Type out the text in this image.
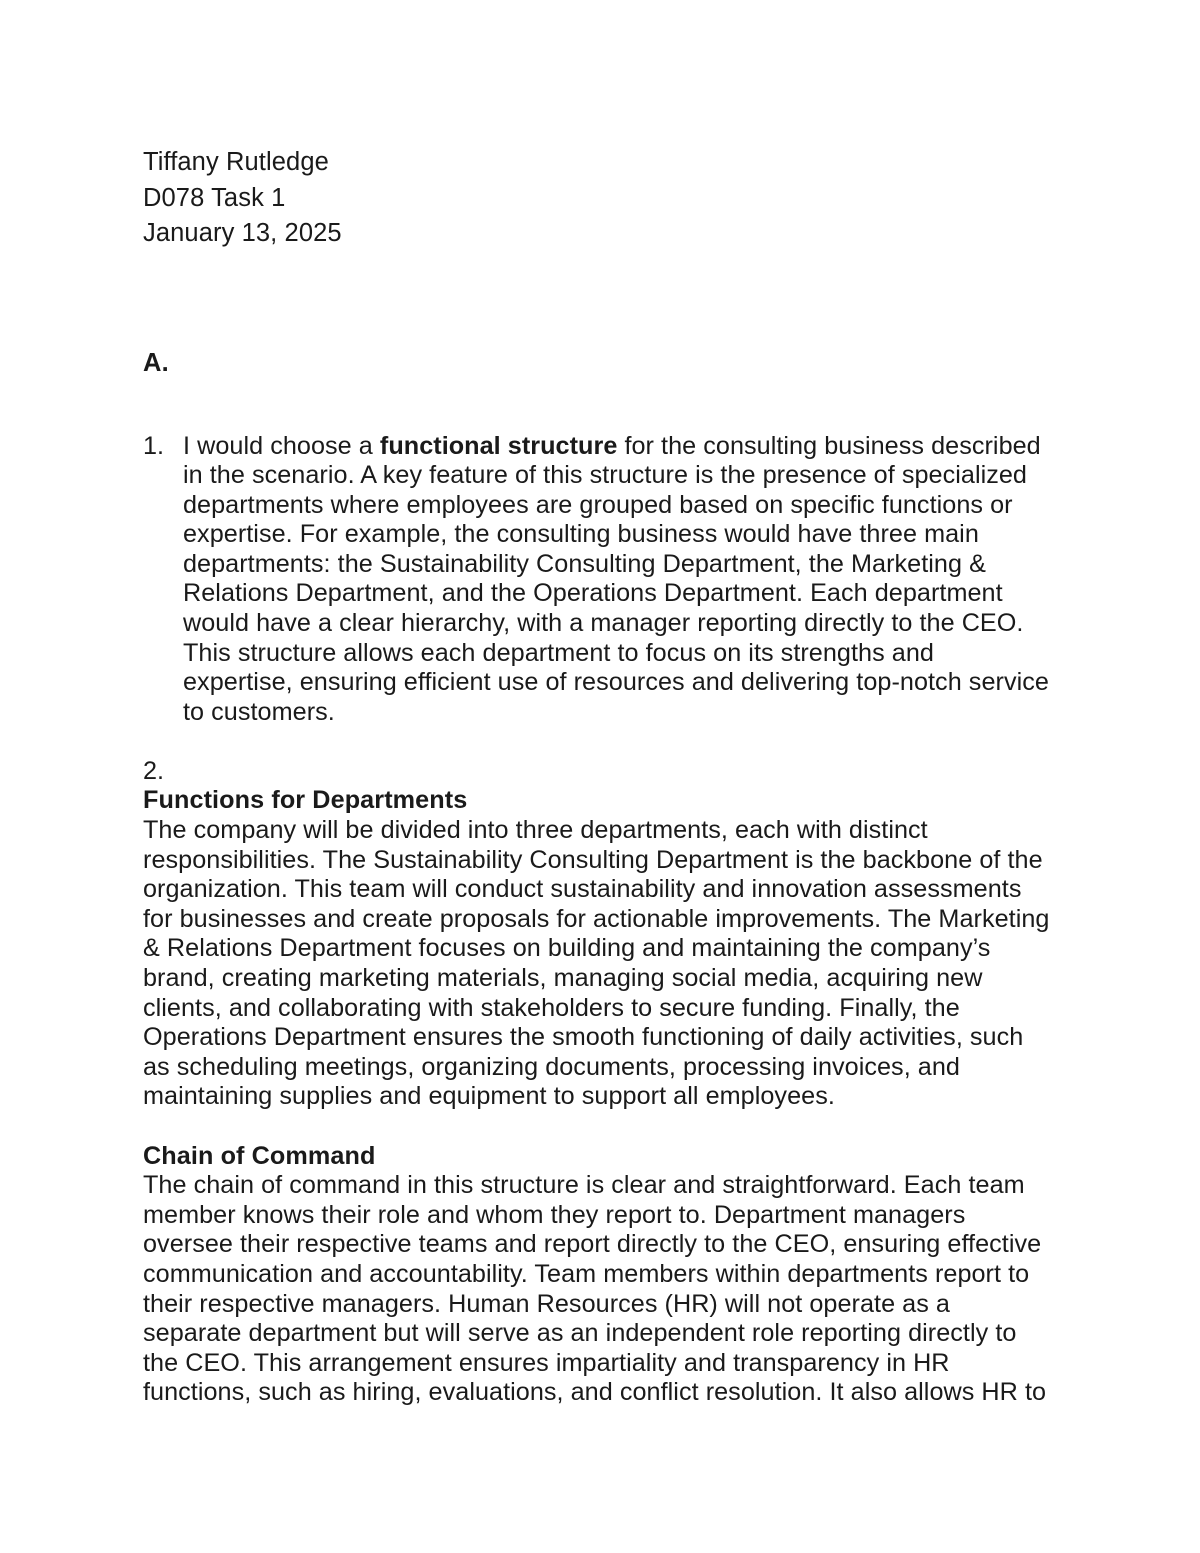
Tiffany Rutledge
D078 Task 1
January 13, 2025
A.
1. I would choose a functional structure for the consulting business described in the scenario. A key feature of this structure is the presence of specialized departments where employees are grouped based on specific functions or expertise. For example, the consulting business would have three main departments: the Sustainability Consulting Department, the Marketing & Relations Department, and the Operations Department. Each department would have a clear hierarchy, with a manager reporting directly to the CEO. This structure allows each department to focus on its strengths and expertise, ensuring efficient use of resources and delivering top-notch service to customers.
2.
Functions for Departments

The company will be divided into three departments, each with distinct responsibilities. The Sustainability Consulting Department is the backbone of the organization. This team will conduct sustainability and innovation assessments for businesses and create proposals for actionable improvements. The Marketing & Relations Department focuses on building and maintaining the company’s brand, creating marketing materials, managing social media, acquiring new clients, and collaborating with stakeholders to secure funding. Finally, the Operations Department ensures the smooth functioning of daily activities, such as scheduling meetings, organizing documents, processing invoices, and maintaining supplies and equipment to support all employees.

Chain of Command

The chain of command in this structure is clear and straightforward. Each team member knows their role and whom they report to. Department managers oversee their respective teams and report directly to the CEO, ensuring effective communication and accountability. Team members within departments report to their respective managers. Human Resources (HR) will not operate as a separate department but will serve as an independent role reporting directly to the CEO. This arrangement ensures impartiality and transparency in HR functions, such as hiring, evaluations, and conflict resolution. It also allows HR to
